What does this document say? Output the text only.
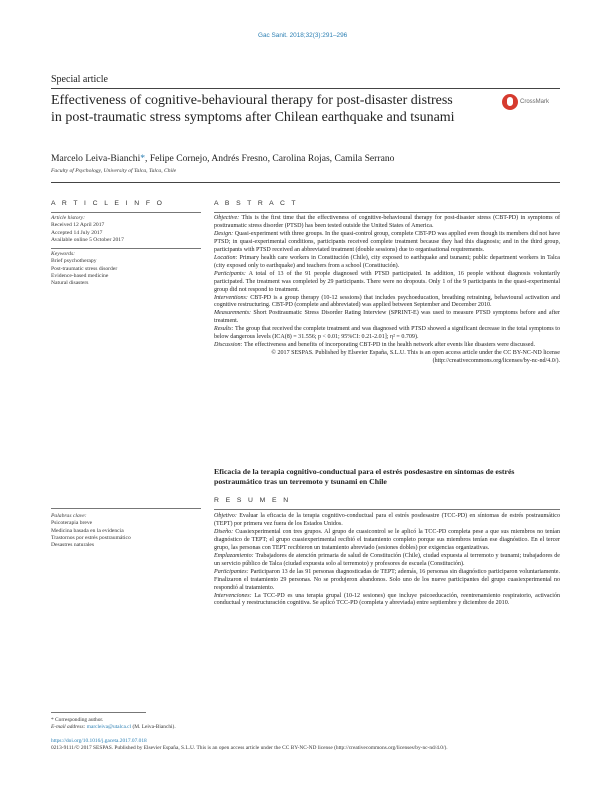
Gac Sanit. 2018;32(3):291–296
Special article
Effectiveness of cognitive-behavioural therapy for post-disaster distress in post-traumatic stress symptoms after Chilean earthquake and tsunami
CrossMark
Marcelo Leiva-Bianchi*, Felipe Cornejo, Andrés Fresno, Carolina Rojas, Camila Serrano
Faculty of Psychology, University of Talca, Talca, Chile
A R T I C L E I N F O
Article history:
Received 12 April 2017
Accepted 14 July 2017
Available online 5 October 2017
Keywords:
Brief psychotherapy
Post-traumatic stress disorder
Evidence-based medicine
Natural disasters
Palabras clave:
Psicoterapia breve
Medicina basada en la evidencia
Trastornos por estrés postraumático
Desastres naturales
A B S T R A C T

Objective: This is the first time that the effectiveness of cognitive-behavioural therapy for post-disaster stress (CBT-PD) in symptoms of posttraumatic stress disorder (PTSD) has been tested outside the United States of America.

Design: Quasi-experiment with three groups. In the quasi-control group, complete CBT-PD was applied even though its members did not have PTSD; in quasi-experimental conditions, participants received complete treatment because they had this diagnosis; and in the third group, participants with PTSD received an abbreviated treatment (double sessions) due to organisational requirements.

Location: Primary health care workers in Constitución (Chile), city exposed to earthquake and tsunami; public department workers in Talca (city exposed only to earthquake) and teachers from a school (Constitución).

Participants: A total of 13 of the 91 people diagnosed with PTSD participated. In addition, 16 people without diagnosis voluntarily participated. The treatment was completed by 29 participants. There were no dropouts. Only 1 of the 9 participants in the quasi-experimental group did not respond to treatment.

Interventions: CBT-PD is a group therapy (10-12 sessions) that includes psychoeducation, breathing retraining, behavioural activation and cognitive restructuring. CBT-PD (complete and abbreviated) was applied between September and December 2010.

Measurements: Short Posttraumatic Stress Disorder Rating Interview (SPRINT-E) was used to measure PTSD symptoms before and after treatment.

Results: The group that received the complete treatment and was diagnosed with PTSD showed a significant decrease in the total symptoms to below dangerous levels (ICA(8) = 31.556; p < 0.01; 95%CI: 0.21-2.01]; η² = 0.709).

Discussion: The effectiveness and benefits of incorporating CBT-PD in the health network after events like disasters were discussed.

© 2017 SESPAS. Published by Elsevier España, S.L.U. This is an open access article under the CC BY-NC-ND license (http://creativecommons.org/licenses/by-nc-nd/4.0/).

Eficacia de la terapia cognitivo-conductual para el estrés posdesastre en síntomas de estrés postraumático tras un terremoto y tsunami en Chile
R E S U M E N

Objetivo: Evaluar la eficacia de la terapia cognitivo-conductual para el estrés posdesastre (TCC-PD) en síntomas de estrés postraumático (TEPT) por primera vez fuera de los Estados Unidos.

Diseño: Cuasiexperimental con tres grupos. Al grupo de cuasicontrol se le aplicó la TCC-PD completa pese a que sus miembros no tenían diagnóstico de TEPT; el grupo cuasiexperimental recibió el tratamiento completo porque sus miembros tenían ese diagnóstico. En el tercer grupo, las personas con TEPT recibieron un tratamiento abreviado (sesiones dobles) por exigencias organizativas.

Emplazamiento: Trabajadores de atención primaria de salud de Constitución (Chile), ciudad expuesta al terremoto y tsunami; trabajadores de un servicio público de Talca (ciudad expuesta solo al terremoto) y profesores de escuela (Constitución).

Participantes: Participaron 13 de las 91 personas diagnosticadas de TEPT; además, 16 personas sin diagnóstico participaron voluntariamente. Finalizaron el tratamiento 29 personas. No se produjeron abandonos. Solo uno de los nueve participantes del grupo cuasiexperimental no respondió al tratamiento.

Intervenciones: La TCC-PD es una terapia grupal (10-12 sesiones) que incluye psicoeducación, reentrenamiento respiratorio, activación conductual y reestructuración cognitiva. Se aplicó TCC-PD (completa y abreviada) entre septiembre y diciembre de 2010.

* Corresponding author.
E-mail address: marcleiva@utalca.cl (M. Leiva-Bianchi).
https://doi.org/10.1016/j.gaceta.2017.07.018
0213-9111/© 2017 SESPAS. Published by Elsevier España, S.L.U. This is an open access article under the CC BY-NC-ND license (http://creativecommons.org/licenses/by-nc-nd/4.0/).
